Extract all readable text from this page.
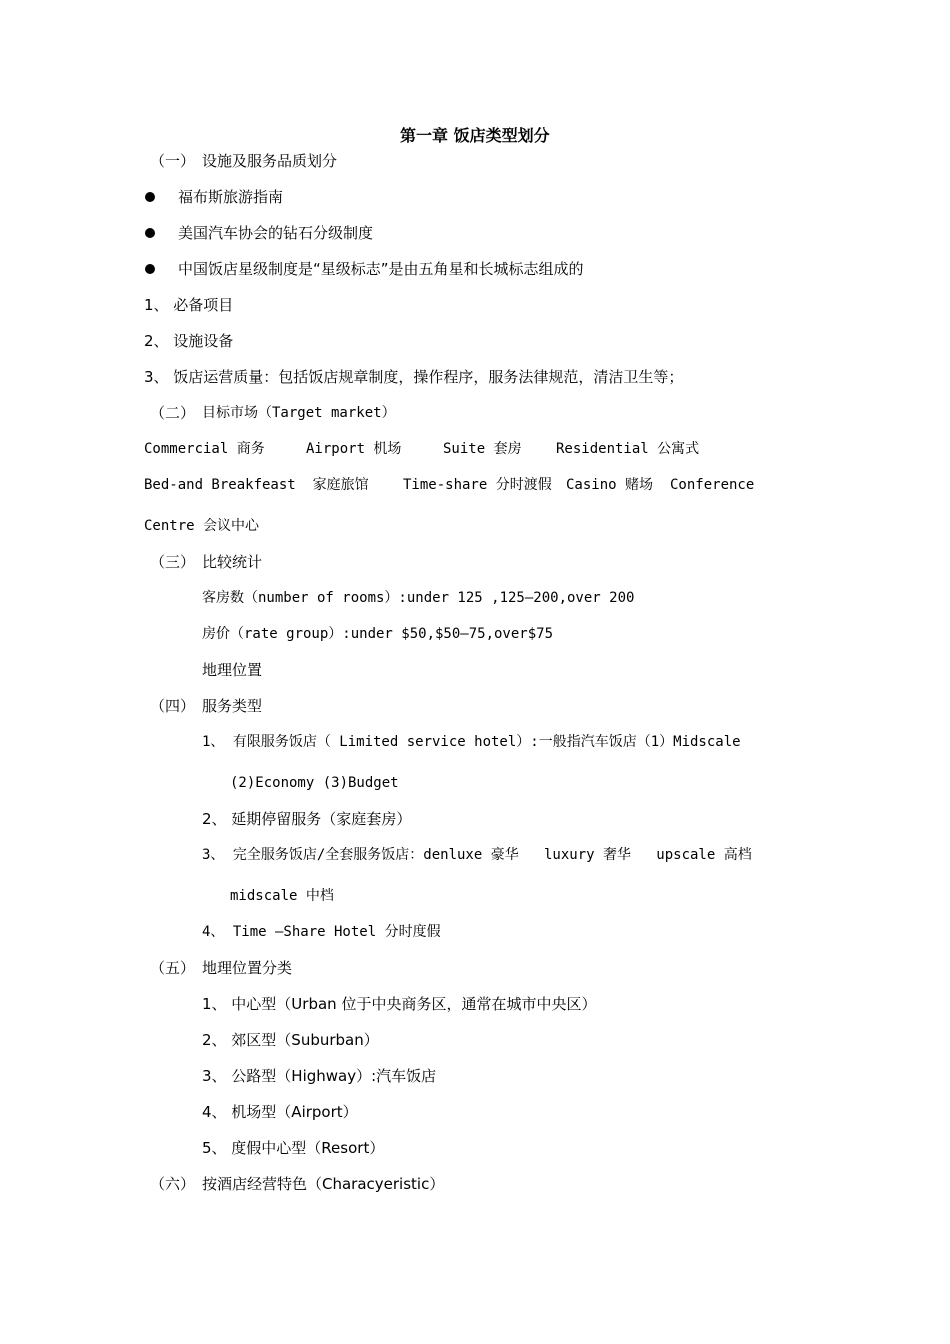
第一章 饭店类型划分
（一） 设施及服务品质划分
福布斯旅游指南
美国汽车协会的钻石分级制度
中国饭店星级制度是“星级标志”是由五角星和长城标志组成的
1、 必备项目
2、 设施设备
3、 饭店运营质量：包括饭店规章制度，操作程序，服务法律规范，清洁卫生等；
（二） 目标市场（Target market）
Commercial 商务	Airport 机场	Suite 套房 Residential 公寓式
Bed-and Breakfeast  家庭旅馆 Time-share 分时渡假 Casino 赌场 Conference
Centre 会议中心
（三） 比较统计
客房数（number of rooms）:under 125 ,125—200,over 200
房价（rate group）:under $50,$50—75,over$75
地理位置
（四） 服务类型
1、 有限服务饭店（ Limited service hotel）:一般指汽车饭店（1）Midscale
(2)Economy (3)Budget
2、 延期停留服务（家庭套房）
3、 完全服务饭店/全套服务饭店：denluxe 豪华   luxury 奢华   upscale 高档
midscale 中档
4、 Time –Share Hotel 分时度假
（五） 地理位置分类
1、 中心型（Urban 位于中央商务区，通常在城市中央区）
2、 郊区型（Suburban）
3、 公路型（Highway）:汽车饭店
4、 机场型（Airport）
5、 度假中心型（Resort）
（六） 按酒店经营特色（Characyeristic）
